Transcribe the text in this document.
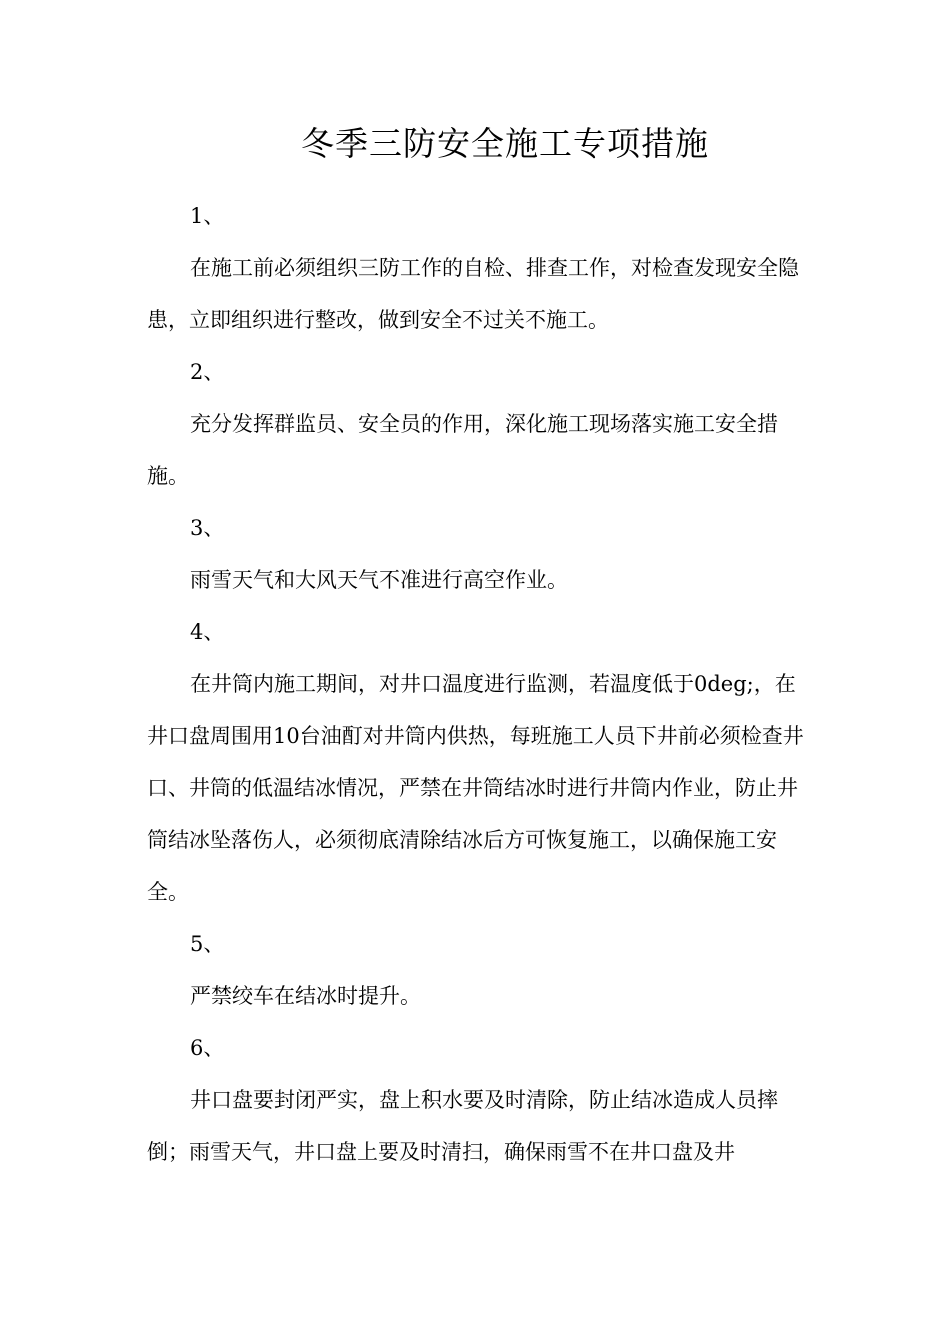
冬季三防安全施工专项措施

1、

在施工前必须组织三防工作的自检、排查工作，对检查发现安全隐患，立即组织进行整改，做到安全不过关不施工。

2、

充分发挥群监员、安全员的作用，深化施工现场落实施工安全措施。

3、

雨雪天气和大风天气不准进行高空作业。

4、

在井筒内施工期间，对井口温度进行监测，若温度低于0deg;，在井口盘周围用10台油酊对井筒内供热，每班施工人员下井前必须检查井口、井筒的低温结冰情况，严禁在井筒结冰时进行井筒内作业，防止井筒结冰坠落伤人，必须彻底清除结冰后方可恢复施工，以确保施工安全。

5、

严禁绞车在结冰时提升。

6、

井口盘要封闭严实，盘上积水要及时清除，防止结冰造成人员摔倒；雨雪天气，井口盘上要及时清扫，确保雨雪不在井口盘及井
